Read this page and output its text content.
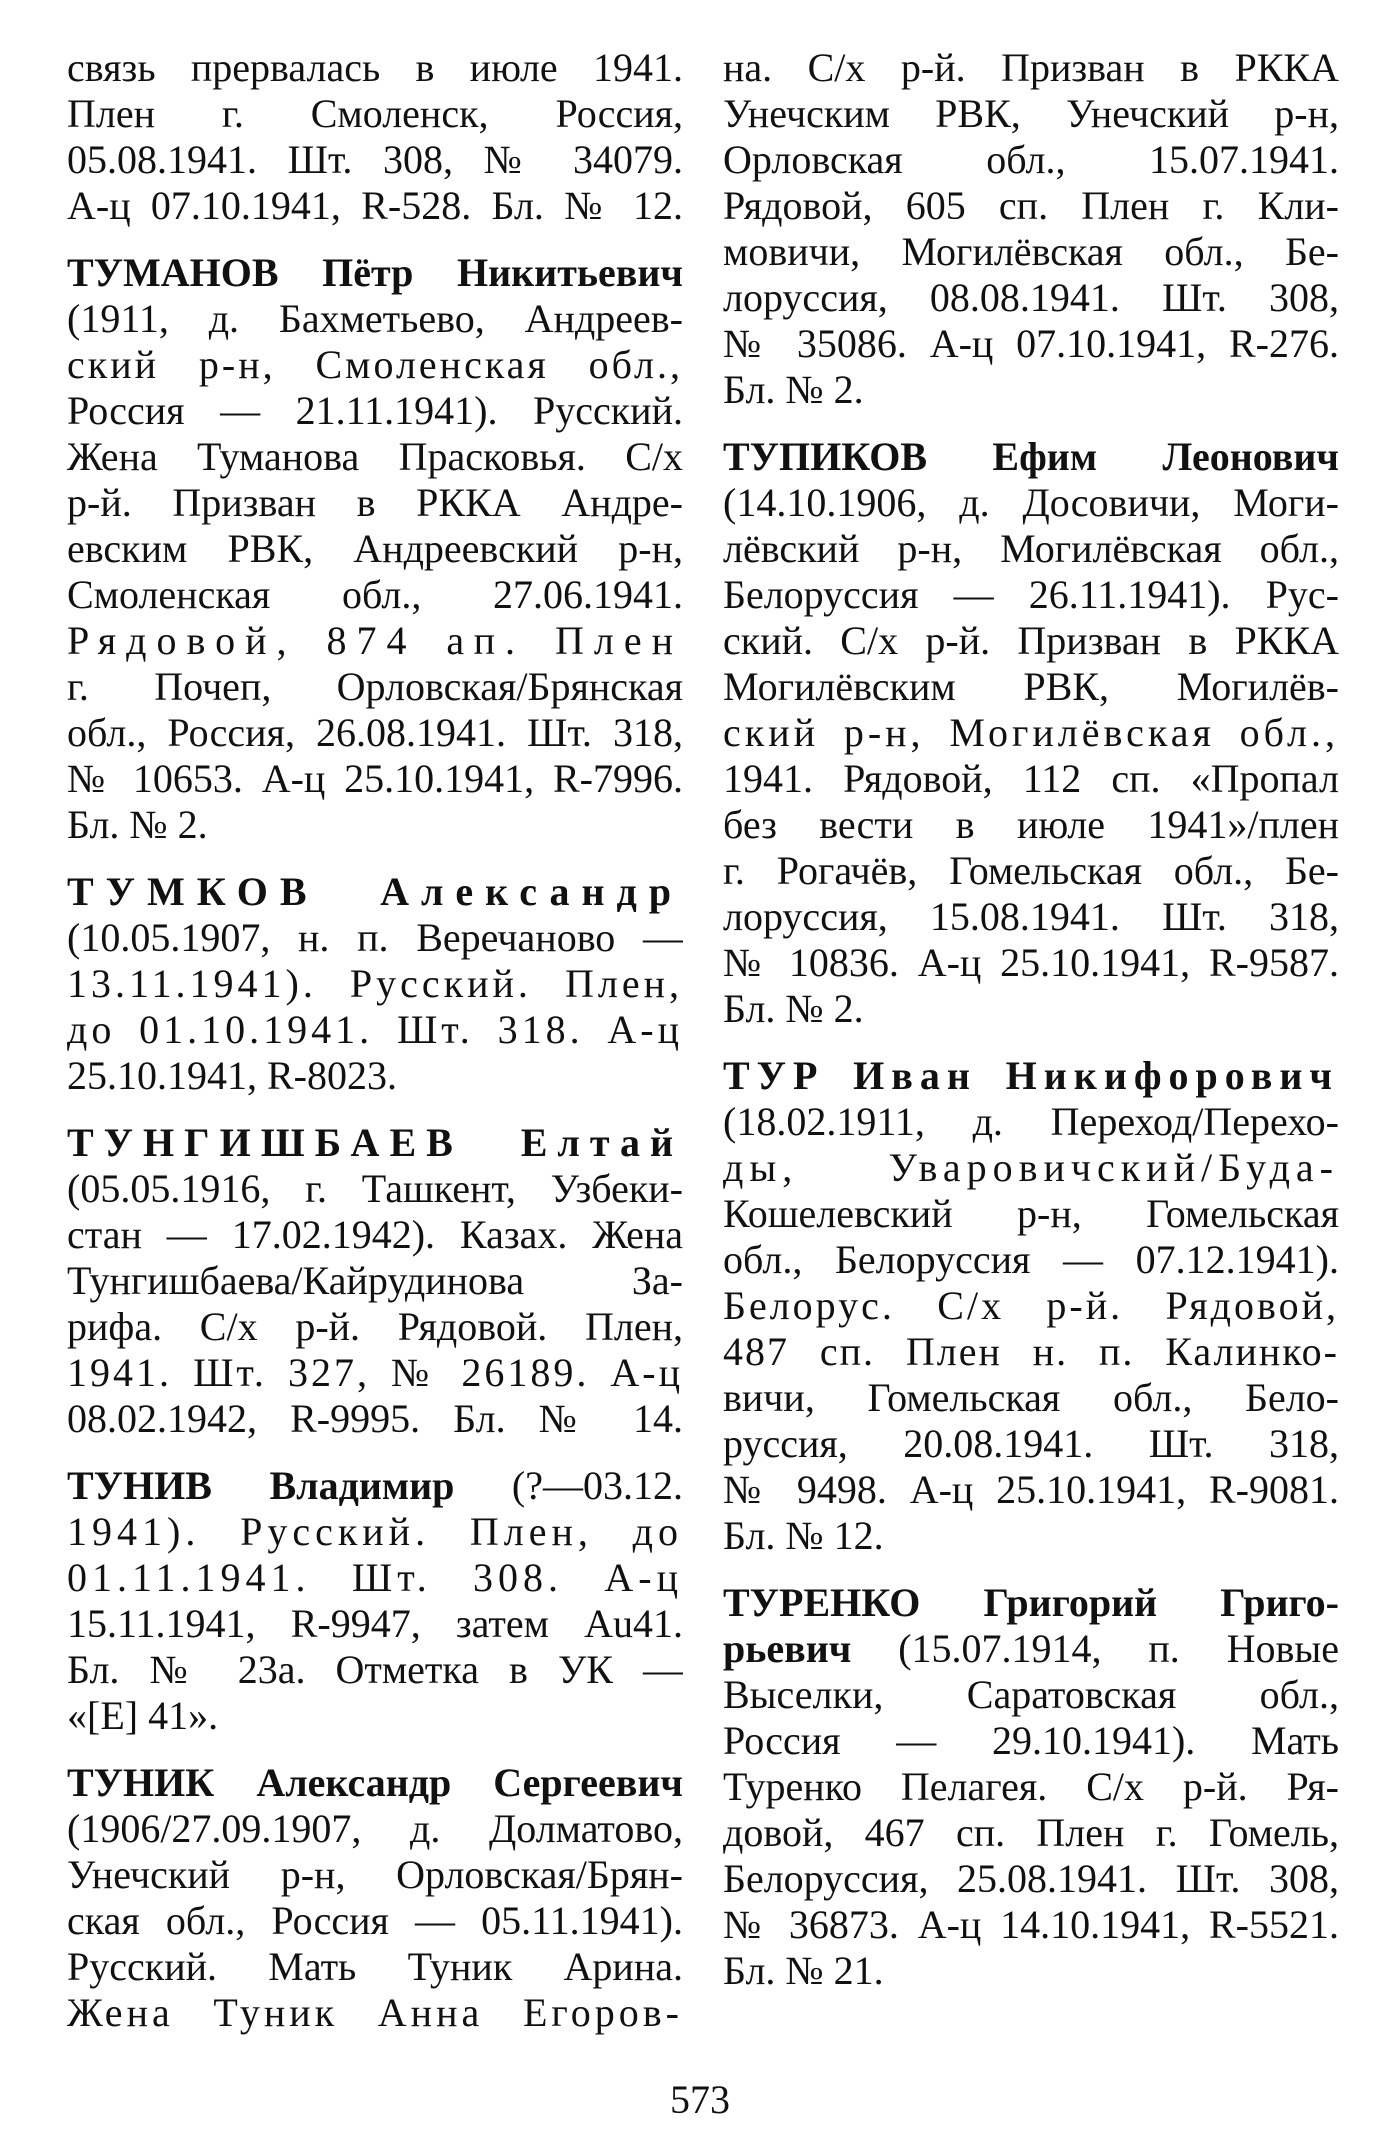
связь прервалась в июле 1941.
Плен г. Смоленск, Россия,
05.08.1941. Шт. 308, № 34079.
А-ц 07.10.1941, R-528. Бл. № 12.
ТУМАНОВ Пётр Никитьевич
(1911, д. Бахметьево, Андреев-
ский р-н, Смоленская обл.,
Россия — 21.11.1941). Русский.
Жена Туманова Прасковья. С/х
р-й. Призван в РККА Андре-
евским РВК, Андреевский р-н,
Смоленская обл., 27.06.1941.
Рядовой, 874 ап. Плен
г. Почеп, Орловская/Брянская
обл., Россия, 26.08.1941. Шт. 318,
№ 10653. А-ц 25.10.1941, R-7996.
Бл. № 2.
ТУМКОВ Александр
(10.05.1907, н. п. Веречаново —
13.11.1941). Русский. Плен,
до 01.10.1941. Шт. 318. А-ц
25.10.1941, R-8023.
ТУНГИШБАЕВ Елтай
(05.05.1916, г. Ташкент, Узбеки-
стан — 17.02.1942). Казах. Жена
Тунгишбаева/Кайрудинова За-
рифа. С/х р-й. Рядовой. Плен,
1941. Шт. 327, № 26189. А-ц
08.02.1942, R-9995. Бл. № 14.
ТУНИВ Владимир (?—03.12.
1941). Русский. Плен, до
01.11.1941. Шт. 308. А-ц
15.11.1941, R-9947, затем Au41.
Бл. № 23а. Отметка в УК —
«[E] 41».
ТУНИК Александр Сергеевич
(1906/27.09.1907, д. Долматово,
Унечский р-н, Орловская/Брян-
ская обл., Россия — 05.11.1941).
Русский. Мать Туник Арина.
Жена Туник Анна Егоров-
на. С/х р-й. Призван в РККА
Унечским РВК, Унечский р-н,
Орловская обл., 15.07.1941.
Рядовой, 605 сп. Плен г. Кли-
мовичи, Могилёвская обл., Бе-
лоруссия, 08.08.1941. Шт. 308,
№ 35086. А-ц 07.10.1941, R-276.
Бл. № 2.
ТУПИКОВ Ефим Леонович
(14.10.1906, д. Досовичи, Моги-
лёвский р-н, Могилёвская обл.,
Белоруссия — 26.11.1941). Рус-
ский. С/х р-й. Призван в РККА
Могилёвским РВК, Могилёв-
ский р-н, Могилёвская обл.,
1941. Рядовой, 112 сп. «Пропал
без вести в июле 1941»/плен
г. Рогачёв, Гомельская обл., Бе-
лоруссия, 15.08.1941. Шт. 318,
№ 10836. А-ц 25.10.1941, R-9587.
Бл. № 2.
ТУР Иван Никифорович
(18.02.1911, д. Переход/Перехо-
ды, Уваровичский/Буда-
Кошелевский р-н, Гомельская
обл., Белоруссия — 07.12.1941).
Белорус. С/х р-й. Рядовой,
487 сп. Плен н. п. Калинко-
вичи, Гомельская обл., Бело-
руссия, 20.08.1941. Шт. 318,
№ 9498. А-ц 25.10.1941, R-9081.
Бл. № 12.
ТУРЕНКО Григорий Григо-
рьевич (15.07.1914, п. Новые
Выселки, Саратовская обл.,
Россия — 29.10.1941). Мать
Туренко Пелагея. С/х р-й. Ря-
довой, 467 сп. Плен г. Гомель,
Белоруссия, 25.08.1941. Шт. 308,
№ 36873. А-ц 14.10.1941, R-5521.
Бл. № 21.
573
